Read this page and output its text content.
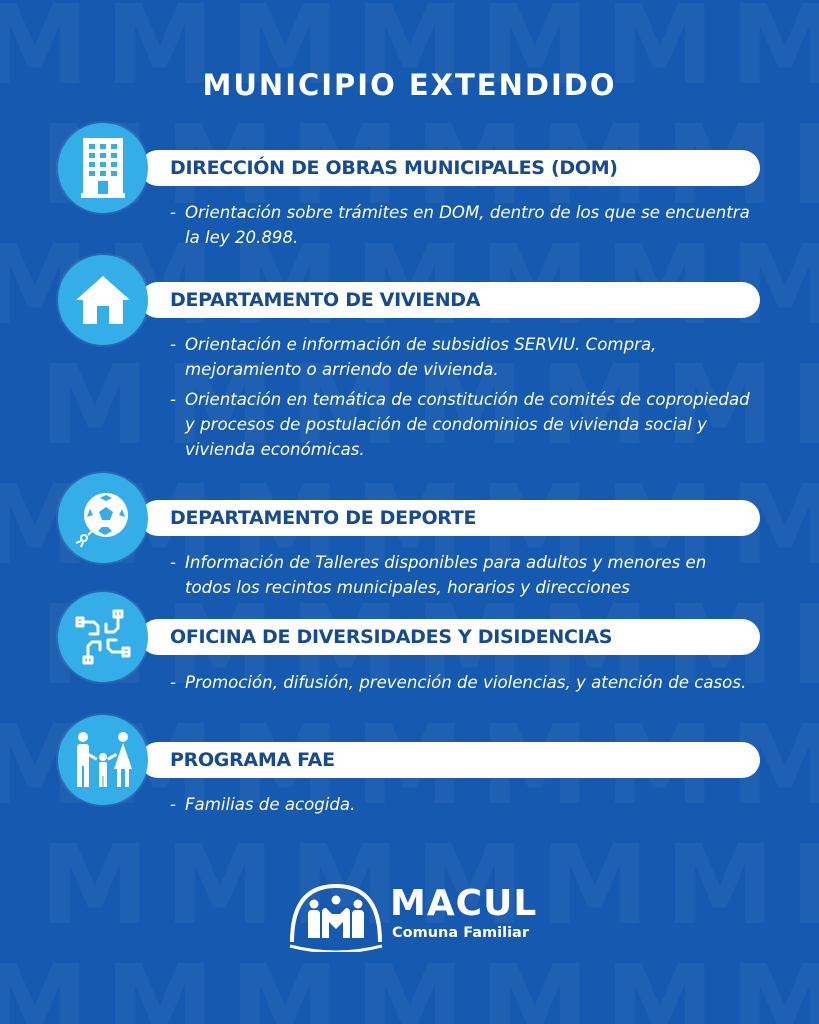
MUNICIPIO EXTENDIDO
DIRECCIÓN DE OBRAS MUNICIPALES (DOM)
- Orientación sobre trámites en DOM, dentro de los que se encuentra la ley 20.898.
DEPARTAMENTO DE VIVIENDA
- Orientación e información de subsidios SERVIU. Compra, mejoramiento o arriendo de vivienda.
- Orientación en temática de constitución de comités de copropiedad y procesos de postulación de condominios de vivienda social y vivienda económicas.
DEPARTAMENTO DE DEPORTE
- Información de Talleres disponibles para adultos y menores en todos los recintos municipales, horarios y direcciones
OFICINA DE DIVERSIDADES Y DISIDENCIAS
- Promoción, difusión, prevención de violencias, y atención de casos.
PROGRAMA FAE
- Familias de acogida.
MACUL
Comuna Familiar
